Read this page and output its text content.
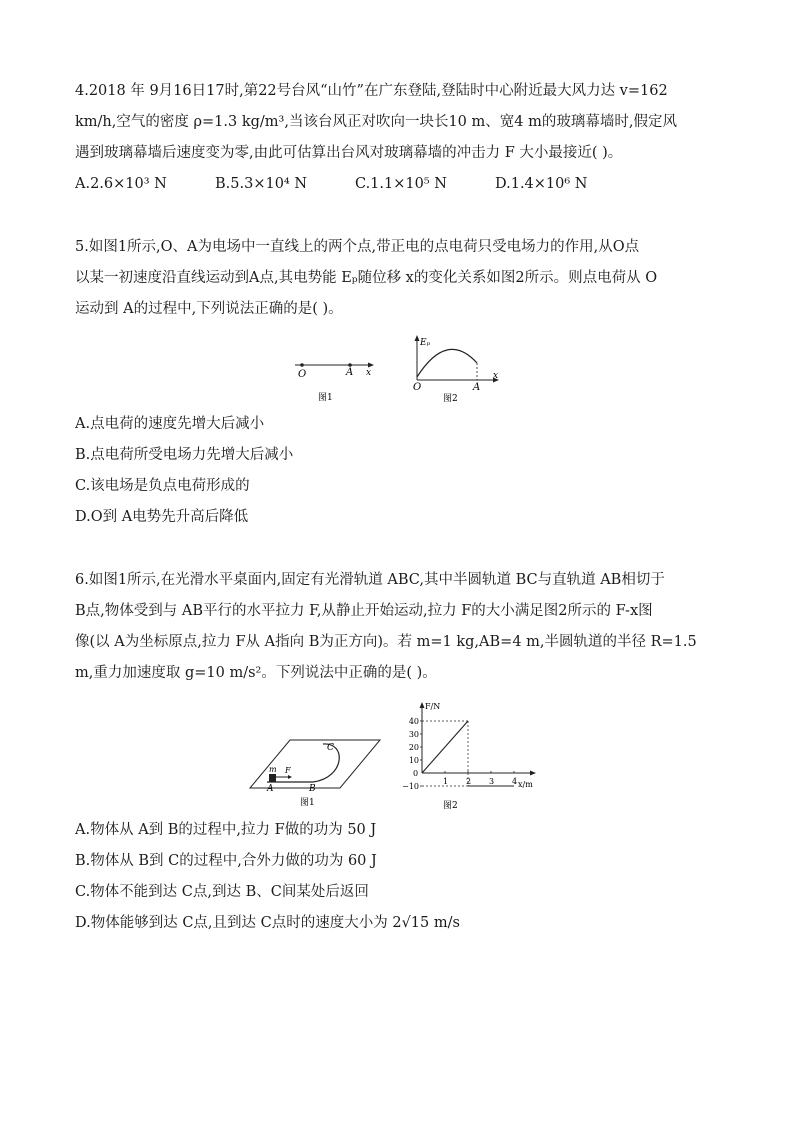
4.2018 年 9月16日17时,第22号台风“山竹”在广东登陆,登陆时中心附近最大风力达 v=162
km/h,空气的密度 ρ=1.3 kg/m³,当该台风正对吹向一块长10 m、宽4 m的玻璃幕墙时,假定风
遇到玻璃幕墙后速度变为零,由此可估算出台风对玻璃幕墙的冲击力 F 大小最接近( )。
A.2.6×10³ N	B.5.3×10⁴ N	C.1.1×10⁵ N	D.1.4×10⁶ N
5.如图1所示,O、A为电场中一直线上的两个点,带正电的点电荷只受电场力的作用,从O点
以某一初速度沿直线运动到A点,其电势能 Eₚ随位移 x的变化关系如图2所示。则点电荷从 O
运动到 A的过程中,下列说法正确的是( )。
O	A x
图1
Eₚ
O	A
x
图2
A.点电荷的速度先增大后减小
B.点电荷所受电场力先增大后减小
C.该电场是负点电荷形成的
D.O到 A电势先升高后降低
6.如图1所示,在光滑水平桌面内,固定有光滑轨道 ABC,其中半圆轨道 BC与直轨道 AB相切于
B点,物体受到与 AB平行的水平拉力 F,从静止开始运动,拉力 F的大小满足图2所示的 F-x图
像(以 A为坐标原点,拉力 F从 A指向 B为正方向)。若 m=1 kg,AB=4 m,半圆轨道的半径 R=1.5
m,重力加速度取 g=10 m/s²。下列说法中正确的是( )。
C
m F
A	B
图1
F/N
x/m
0
图2
−10
10
20
30
40
1 2 3 4
A.物体从 A到 B的过程中,拉力 F做的功为 50 J
B.物体从 B到 C的过程中,合外力做的功为 60 J
C.物体不能到达 C点,到达 B、C间某处后返回
D.物体能够到达 C点,且到达 C点时的速度大小为 2√15 m/s
